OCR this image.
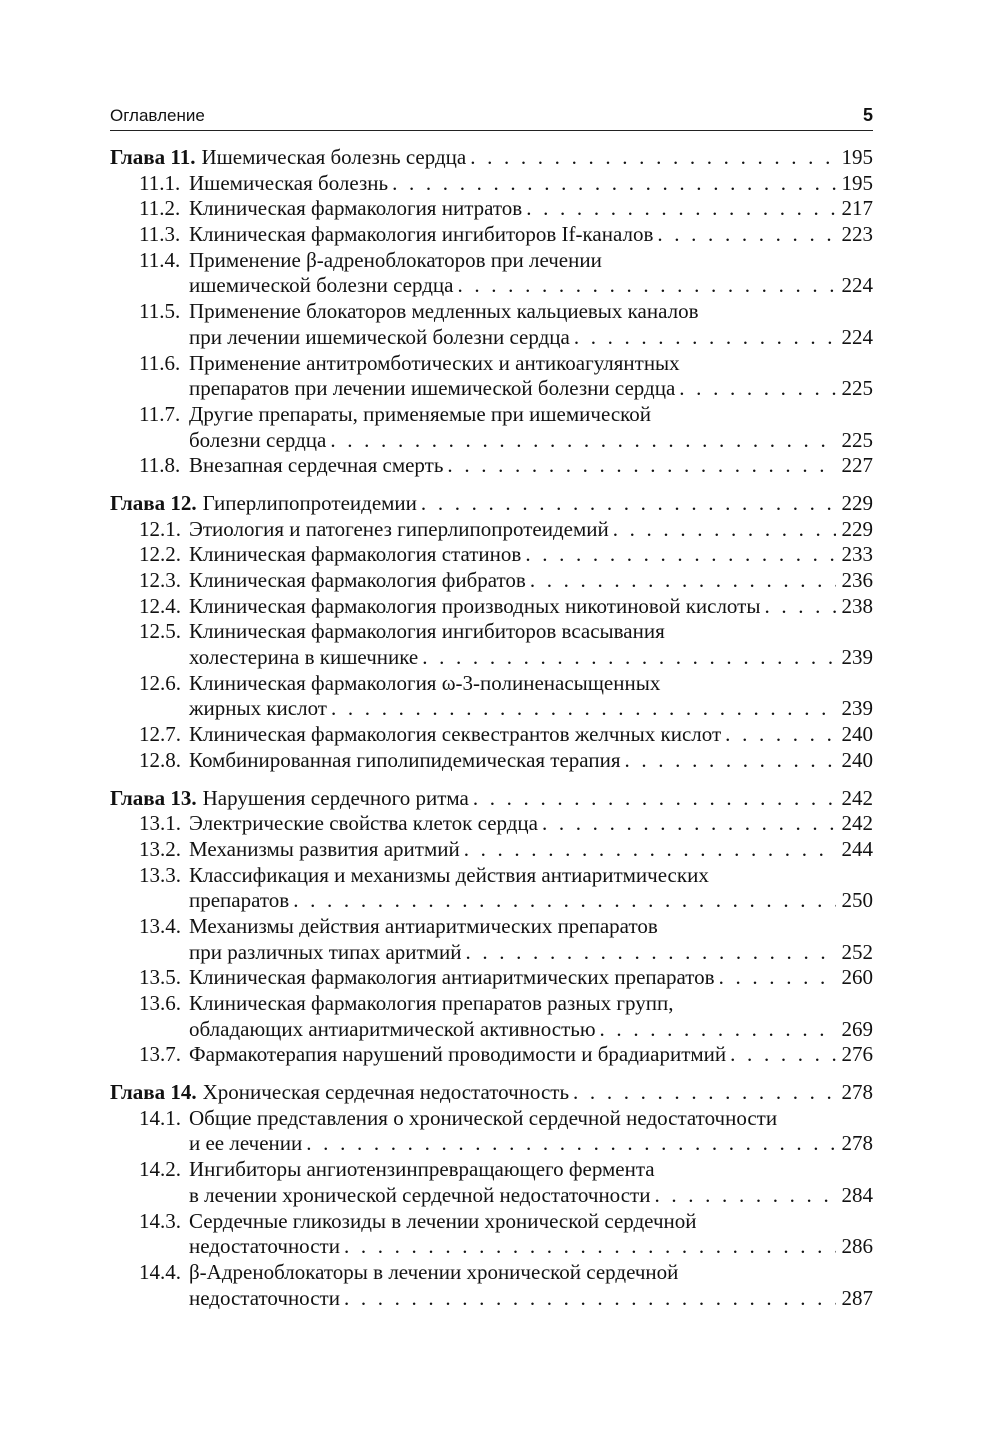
Оглавление	5
Глава 11. Ишемическая болезнь сердца . . .	195
11.1. Ишемическая болезнь . . .	195
11.2. Клиническая фармакология нитратов . . .	217
11.3. Клиническая фармакология ингибиторов If-каналов . . .	223
11.4. Применение β-адреноблокаторов при лечении
ишемической болезни сердца . . .	224
11.5. Применение блокаторов медленных кальциевых каналов
при лечении ишемической болезни сердца . . .	224
11.6. Применение антитромботических и антикоагулянтных
препаратов при лечении ишемической болезни сердца . . .	225
11.7. Другие препараты, применяемые при ишемической
болезни сердца . . .	225
11.8. Внезапная сердечная смерть . . .	227
Глава 12. Гиперлипопротеидемии . . .	229
12.1. Этиология и патогенез гиперлипопротеидемий . . .	229
12.2. Клиническая фармакология статинов . . .	233
12.3. Клиническая фармакология фибратов . . .	236
12.4. Клиническая фармакология производных никотиновой кислоты . . .	238
12.5. Клиническая фармакология ингибиторов всасывания
холестерина в кишечнике . . .	239
12.6. Клиническая фармакология ω-3-полиненасыщенных
жирных кислот . . .	239
12.7. Клиническая фармакология секвестрантов желчных кислот . . .	240
12.8. Комбинированная гиполипидемическая терапия . . .	240
Глава 13. Нарушения сердечного ритма . . .	242
13.1. Электрические свойства клеток сердца . . .	242
13.2. Механизмы развития аритмий . . .	244
13.3. Классификация и механизмы действия антиаритмических
препаратов . . .	250
13.4. Механизмы действия антиаритмических препаратов
при различных типах аритмий . . .	252
13.5. Клиническая фармакология антиаритмических препаратов . . .	260
13.6. Клиническая фармакология препаратов разных групп,
обладающих антиаритмической активностью . . .	269
13.7. Фармакотерапия нарушений проводимости и брадиаритмий . . .	276
Глава 14. Хроническая сердечная недостаточность . . .	278
14.1. Общие представления о хронической сердечной недостаточности
и ее лечении . . .	278
14.2. Ингибиторы ангиотензинпревращающего фермента
в лечении хронической сердечной недостаточности . . .	284
14.3. Сердечные гликозиды в лечении хронической сердечной
недостаточности . . .	286
14.4. β-Адреноблокаторы в лечении хронической сердечной
недостаточности . . .	287
